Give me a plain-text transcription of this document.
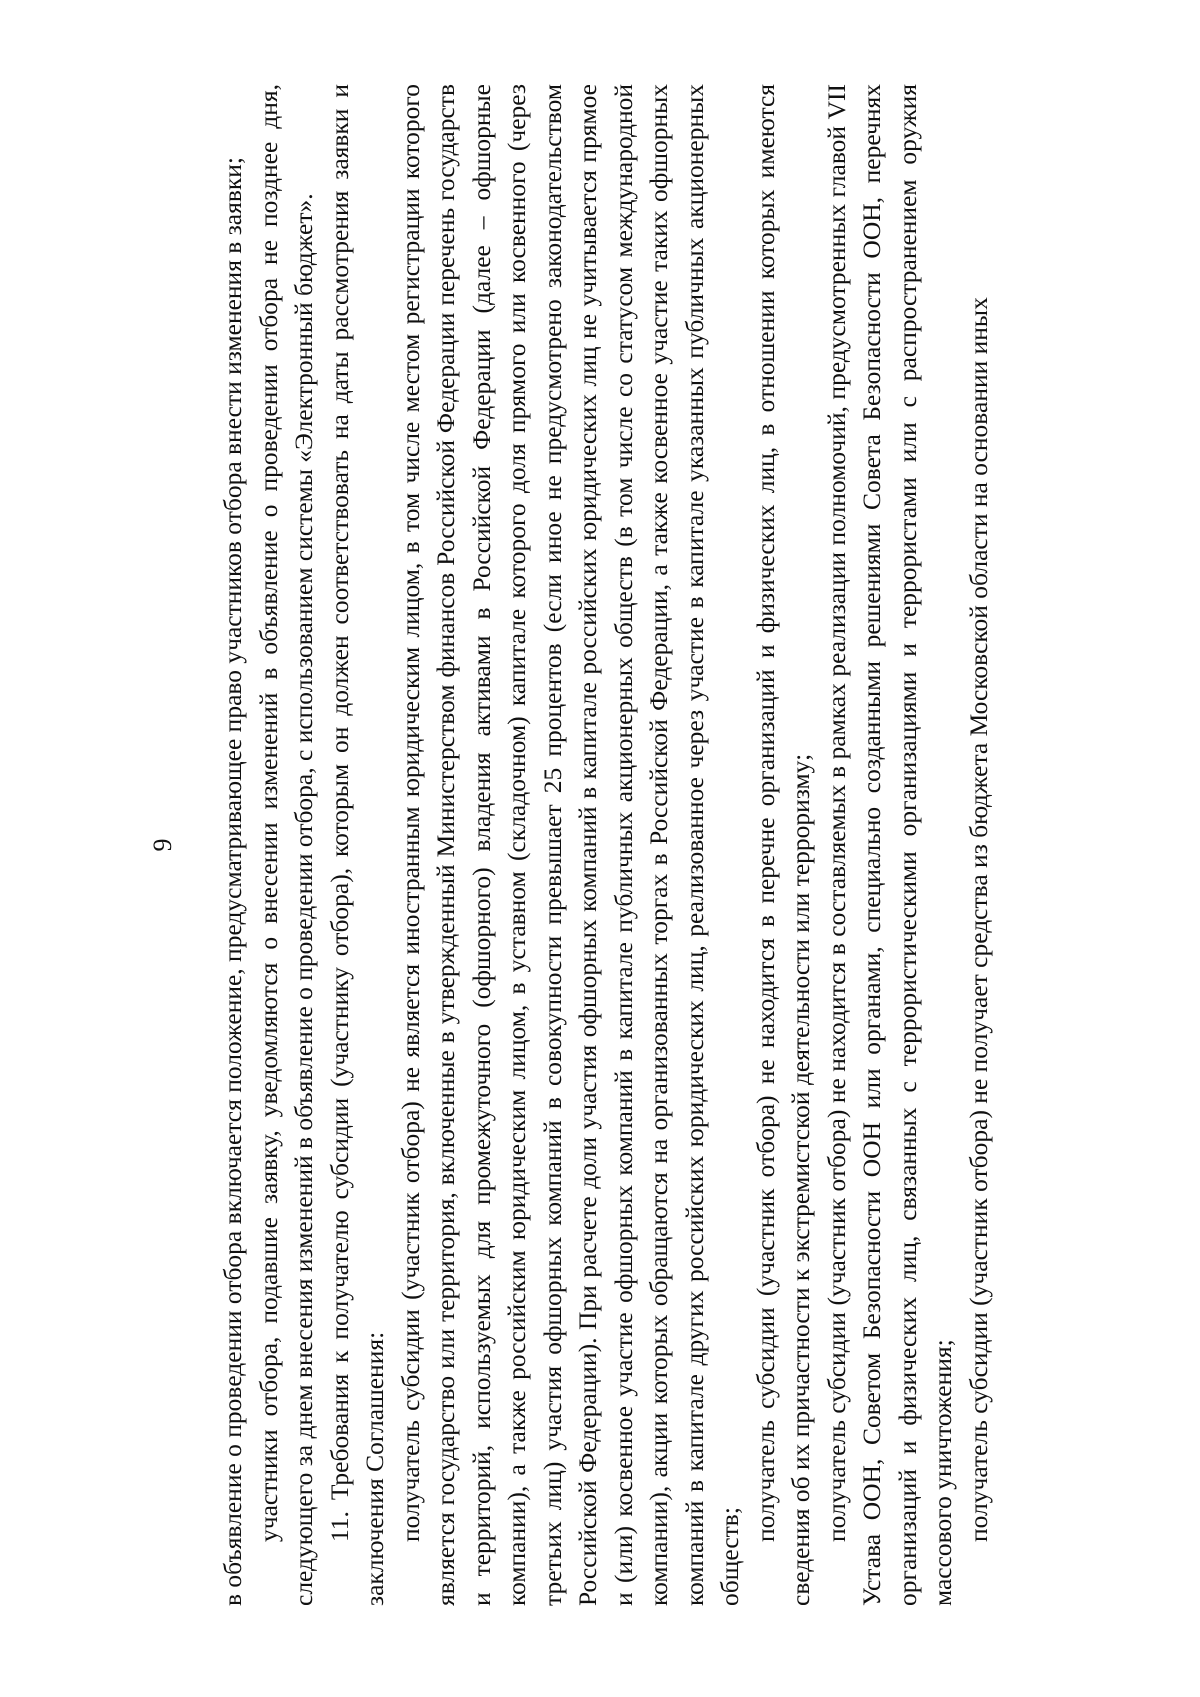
9 в объявление о проведении отбора включается положение, предусматривающее право участников отбора внести изменения в заявки; участники отбора, подавшие заявку, уведомляются о внесении изменений в объявление о проведении отбора не позднее дня, следующего за днем внесения изменений в объявление о проведении отбора, с использованием системы «Электронный бюджет». 11. Требования к получателю субсидии (участнику отбора), которым он должен соответствовать на даты рассмотрения заявки и заключения Соглашения: получатель субсидии (участник отбора) не является иностранным юридическим лицом, в том числе местом регистрации которого является государство или территория, включенные в утвержденный Министерством финансов Российской Федерации перечень государств и территорий, используемых для промежуточного (офшорного) владения активами в Российской Федерации (далее – офшорные компании), а также российским юридическим лицом, в уставном (складочном) капитале которого доля прямого или косвенного (через третьих лиц) участия офшорных компаний в совокупности превышает 25 процентов (если иное не предусмотрено законодательством Российской Федерации). При расчете доли участия офшорных компаний в капитале российских юридических лиц не учитывается прямое и (или) косвенное участие офшорных компаний в капитале публичных акционерных обществ (в том числе со статусом международной компании), акции которых обращаются на организованных торгах в Российской Федерации, а также косвенное участие таких офшорных компаний в капитале других российских юридических лиц, реализованное через участие в капитале указанных публичных акционерных обществ;

получатель субсидии (участник отбора) не находится в перечне организаций и физических лиц, в отношении которых имеются сведения об их причастности к экстремистской деятельности или терроризму; получатель субсидии (участник отбора) не находится в составляемых в рамках реализации полномочий, предусмотренных главой VII Устава ООН, Советом Безопасности ООН или органами, специально созданными решениями Совета Безопасности ООН, перечнях организаций и физических лиц, связанных с террористическими организациями и террористами или с распространением оружия массового уничтожения; получатель субсидии (участник отбора) не получает средства из бюджета Московской области на основании иных
